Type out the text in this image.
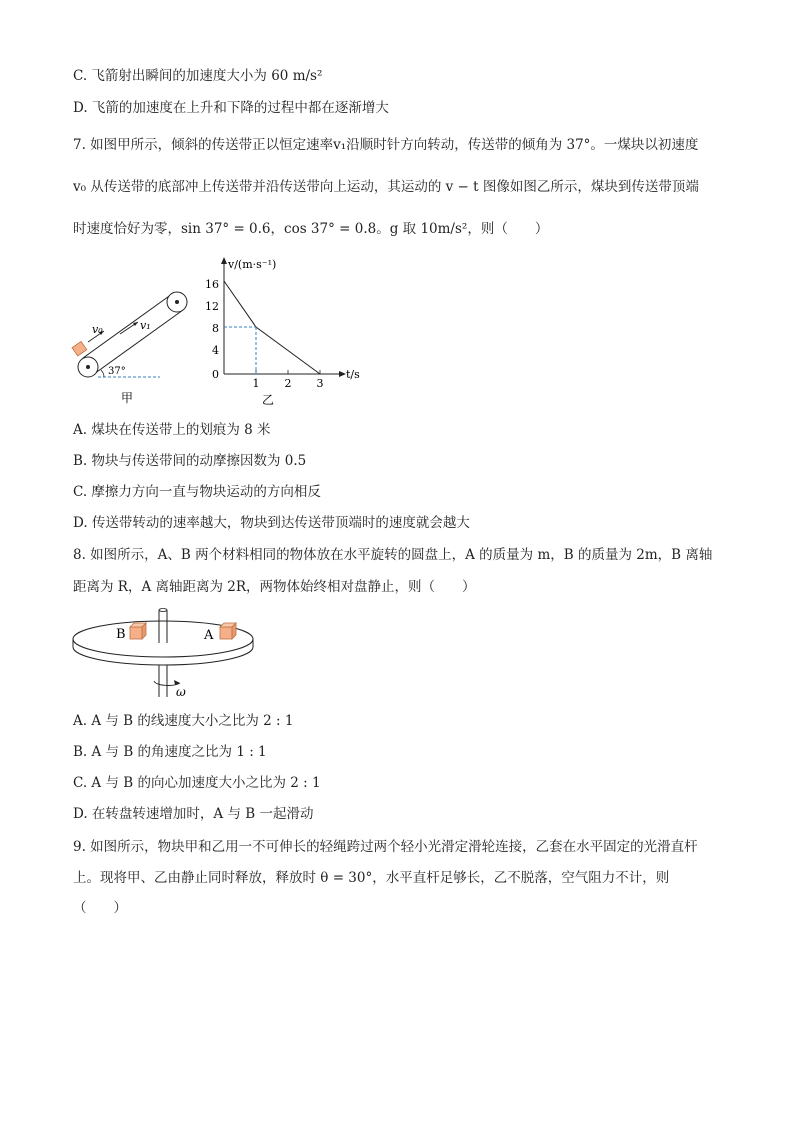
C. 飞箭射出瞬间的加速度大小为 60 m/s²
D. 飞箭的加速度在上升和下降的过程中都在逐渐增大
7. 如图甲所示，倾斜的传送带正以恒定速率v₁沿顺时针方向转动，传送带的倾角为 37°。一煤块以初速度
v₀ 从传送带的底部冲上传送带并沿传送带向上运动，其运动的 v − t 图像如图乙所示，煤块到传送带顶端
时速度恰好为零，sin 37° = 0.6，cos 37° = 0.8。g 取 10m/s²，则（　　）
v₀	v₁
37°
甲
v/(m·s⁻¹)
t/s
16
12
8
4
0
1 2 3
乙
A. 煤块在传送带上的划痕为 8 米
B. 物块与传送带间的动摩擦因数为 0.5
C. 摩擦力方向一直与物块运动的方向相反
D. 传送带转动的速率越大，物块到达传送带顶端时的速度就会越大
8. 如图所示，A、B 两个材料相同的物体放在水平旋转的圆盘上，A 的质量为 m，B 的质量为 2m，B 离轴
距离为 R，A 离轴距离为 2R，两物体始终相对盘静止，则（　　）
B	A
ω
A. A 与 B 的线速度大小之比为 2 : 1
B. A 与 B 的角速度之比为 1 : 1
C. A 与 B 的向心加速度大小之比为 2 : 1
D. 在转盘转速增加时，A 与 B 一起滑动
9. 如图所示，物块甲和乙用一不可伸长的轻绳跨过两个轻小光滑定滑轮连接，乙套在水平固定的光滑直杆
上。现将甲、乙由静止同时释放，释放时 θ = 30°，水平直杆足够长，乙不脱落，空气阻力不计，则
（　　）
